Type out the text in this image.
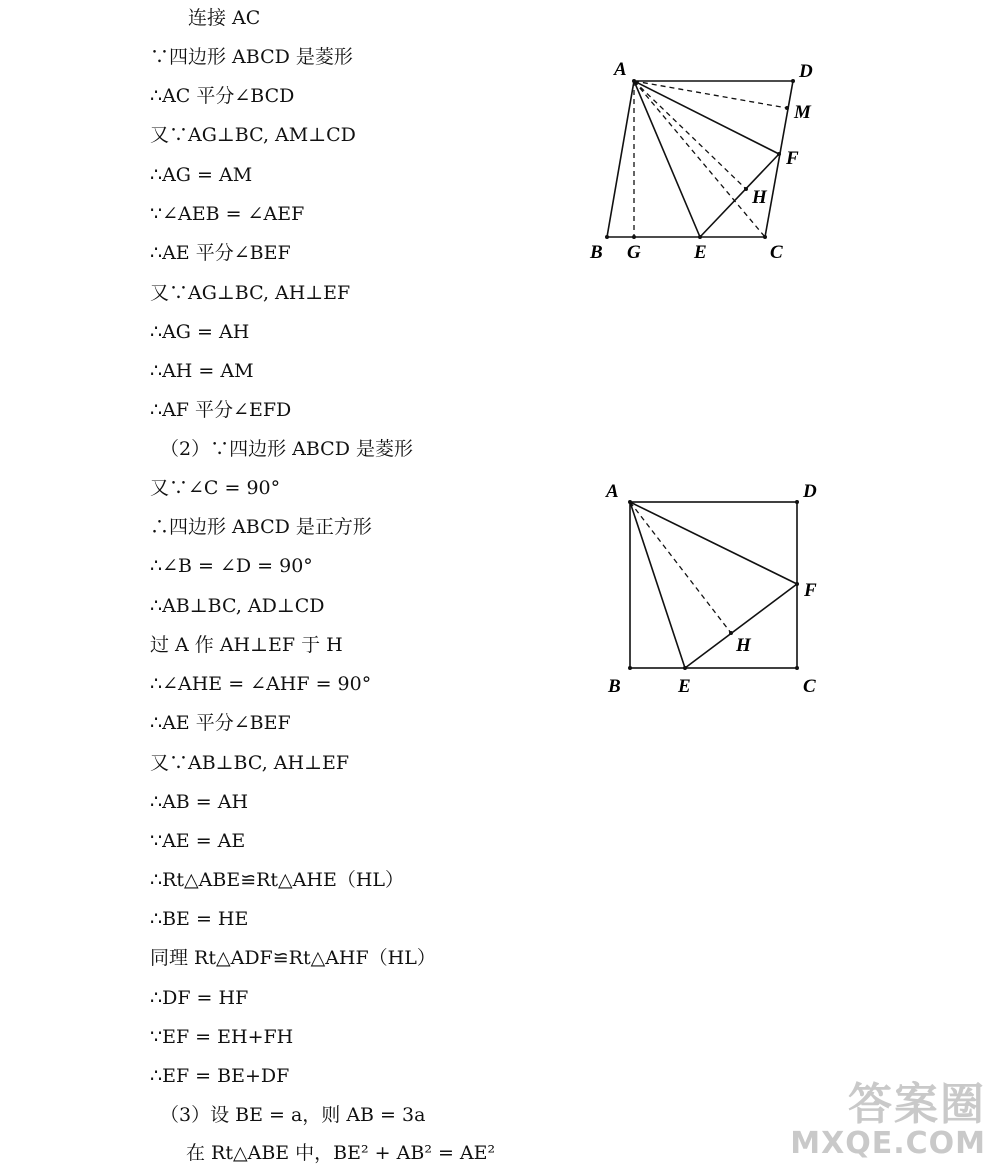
连接 AC
∵四边形 ABCD 是菱形
∴AC 平分∠BCD
又∵AG⊥BC, AM⊥CD
∴AG = AM
∵∠AEB = ∠AEF
∴AE 平分∠BEF
又∵AG⊥BC, AH⊥EF
∴AG = AH
∴AH = AM
∴AF 平分∠EFD
（2）∵四边形 ABCD 是菱形
又∵∠C = 90°
∴四边形 ABCD 是正方形
∴∠B = ∠D = 90°
∴AB⊥BC, AD⊥CD
过 A 作 AH⊥EF 于 H
∴∠AHE = ∠AHF = 90°
∴AE 平分∠BEF
又∵AB⊥BC, AH⊥EF
∴AB = AH
∵AE = AE
∴Rt△ABE≌Rt△AHE（HL）
∴BE = HE
同理 Rt△ADF≌Rt△AHF（HL）
∴DF = HF
∵EF = EH+FH
∴EF = BE+DF
（3）设 BE = a，则 AB = 3a
在 Rt△ABE 中，BE² + AB² = AE²
A	D
M
F
H
B G	E	C
A	D
F
H
B	E	C
答案圈
MXQE.COM
